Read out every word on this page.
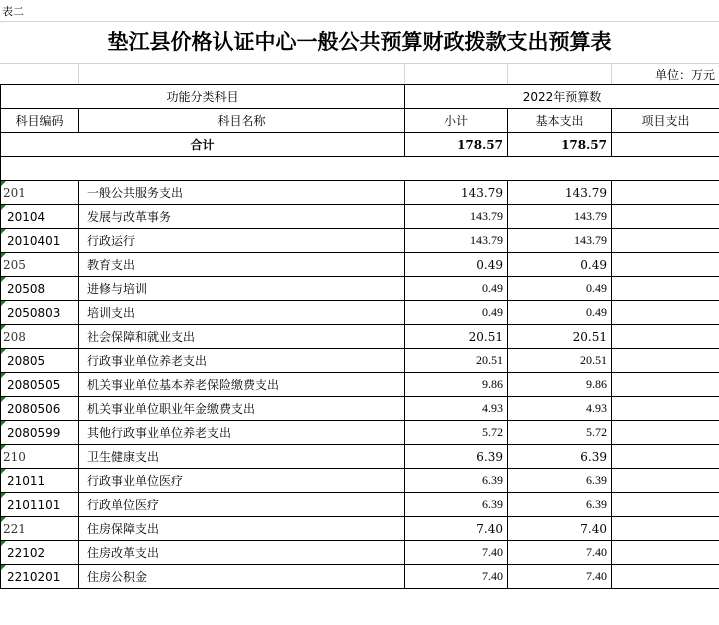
表二
垫江县价格认证中心一般公共预算财政拨款支出预算表
单位：万元
功能分类科目		2022年预算数		
科目编码	科目名称	小计	基本支出	项目支出
合计		178.57	178.57	

201	一般公共服务支出	143.79	143.79	
20104	发展与改革事务	143.79	143.79	
2010401	行政运行	143.79	143.79	
205	教育支出	0.49	0.49	
20508	进修与培训	0.49	0.49	
2050803	培训支出	0.49	0.49	
208	社会保障和就业支出	20.51	20.51	
20805	行政事业单位养老支出	20.51	20.51	
2080505	机关事业单位基本养老保险缴费支出	9.86	9.86	
2080506	机关事业单位职业年金缴费支出	4.93	4.93	
2080599	其他行政事业单位养老支出	5.72	5.72	
210	卫生健康支出	6.39	6.39	
21011	行政事业单位医疗	6.39	6.39	
2101101	行政单位医疗	6.39	6.39	
221	住房保障支出	7.40	7.40	
22102	住房改革支出	7.40	7.40	
2210201	住房公积金	7.40	7.40	
